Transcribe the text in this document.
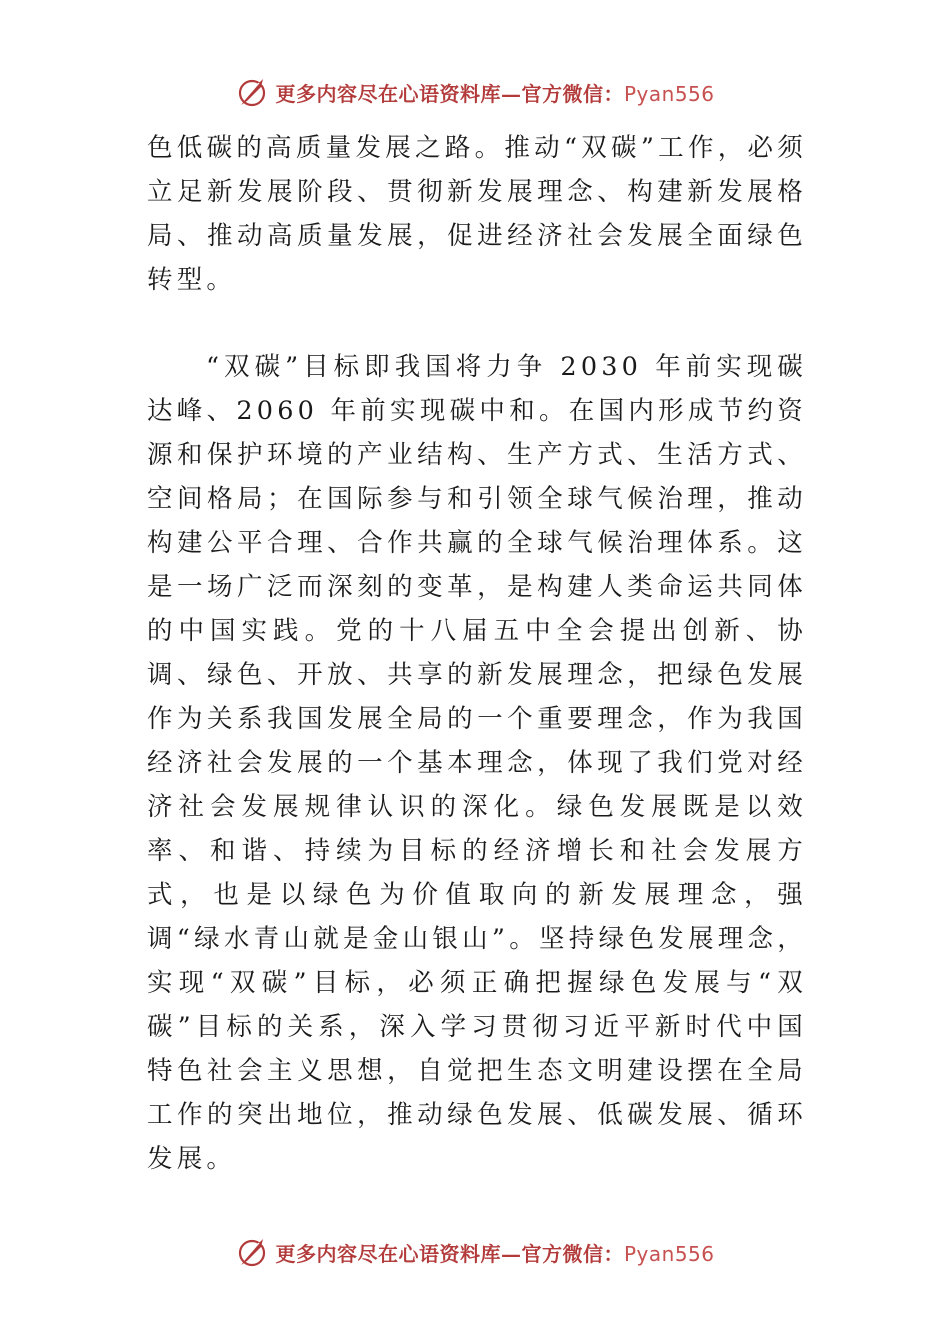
更多内容尽在心语资料库—官方微信：Pyan556

色低碳的高质量发展之路。推动“双碳”工作，必须立足新发展阶段、贯彻新发展理念、构建新发展格局、推动高质量发展，促进经济社会发展全面绿色转型。

“双碳”目标即我国将力争 2030 年前实现碳达峰、2060 年前实现碳中和。在国内形成节约资源和保护环境的产业结构、生产方式、生活方式、空间格局；在国际参与和引领全球气候治理，推动构建公平合理、合作共赢的全球气候治理体系。这是一场广泛而深刻的变革，是构建人类命运共同体的中国实践。党的十八届五中全会提出创新、协调、绿色、开放、共享的新发展理念，把绿色发展作为关系我国发展全局的一个重要理念，作为我国经济社会发展的一个基本理念，体现了我们党对经济社会发展规律认识的深化。绿色发展既是以效率、和谐、持续为目标的经济增长和社会发展方式，也是以绿色为价值取向的新发展理念，强调“绿水青山就是金山银山”。坚持绿色发展理念，实现“双碳”目标，必须正确把握绿色发展与“双碳”目标的关系，深入学习贯彻习近平新时代中国特色社会主义思想，自觉把生态文明建设摆在全局工作的突出地位，推动绿色发展、低碳发展、循环发展。

更多内容尽在心语资料库—官方微信：Pyan556
